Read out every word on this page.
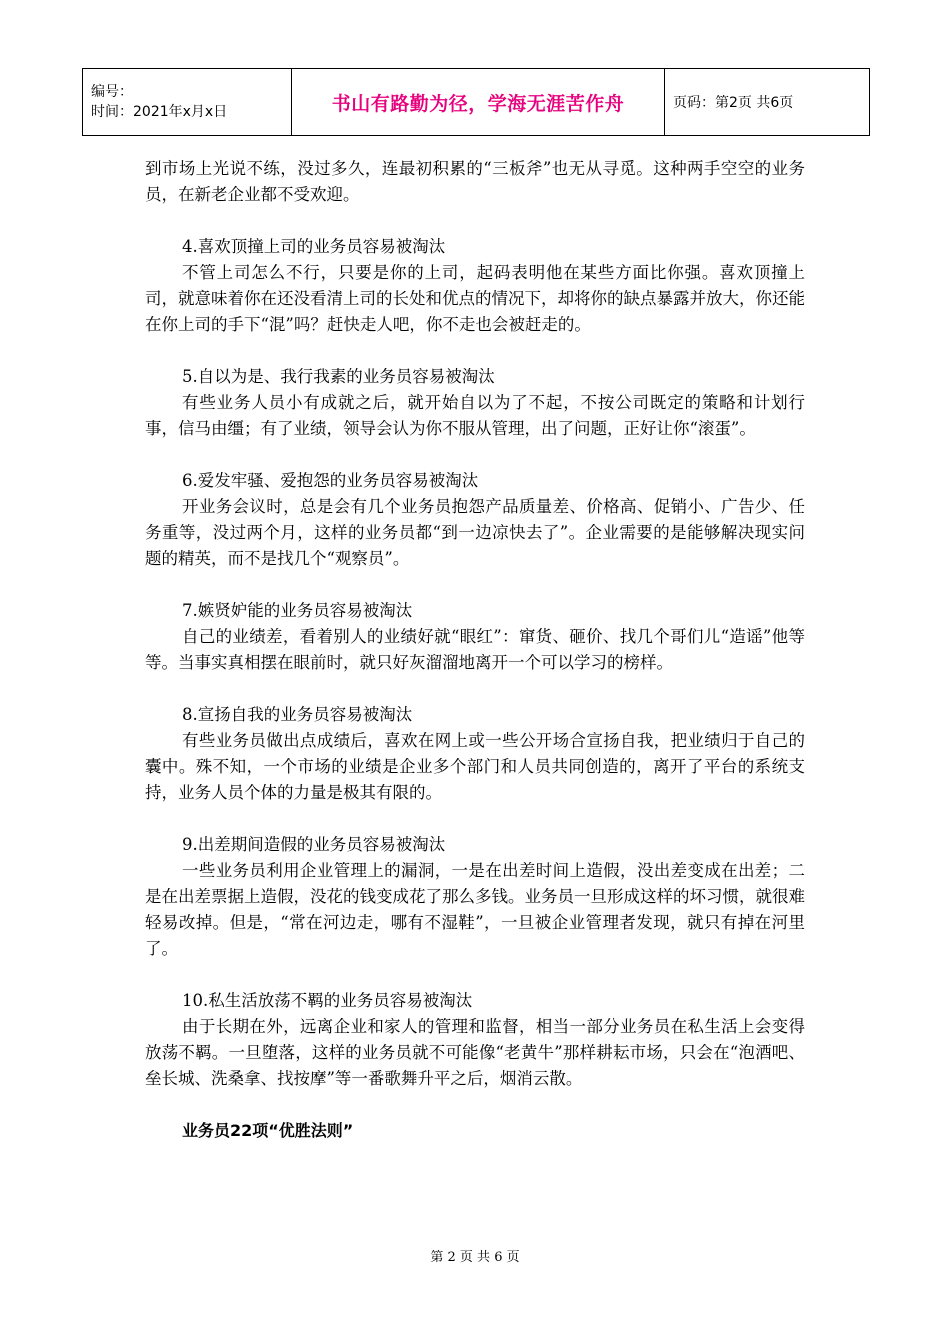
编号：
时间：2021年x月x日	书山有路勤为径，学海无涯苦作舟	页码：第2页 共6页

到市场上光说不练，没过多久，连最初积累的“三板斧”也无从寻觅。这种两手空空的业务员，在新老企业都不受欢迎。

4.喜欢顶撞上司的业务员容易被淘汰

不管上司怎么不行，只要是你的上司，起码表明他在某些方面比你强。喜欢顶撞上司，就意味着你在还没看清上司的长处和优点的情况下，却将你的缺点暴露并放大，你还能在你上司的手下“混”吗？赶快走人吧，你不走也会被赶走的。

5.自以为是、我行我素的业务员容易被淘汰

有些业务人员小有成就之后，就开始自以为了不起，不按公司既定的策略和计划行事，信马由缰；有了业绩，领导会认为你不服从管理，出了问题，正好让你“滚蛋”。

6.爱发牢骚、爱抱怨的业务员容易被淘汰

开业务会议时，总是会有几个业务员抱怨产品质量差、价格高、促销小、广告少、任务重等，没过两个月，这样的业务员都“到一边凉快去了”。企业需要的是能够解决现实问题的精英，而不是找几个“观察员”。

7.嫉贤妒能的业务员容易被淘汰

自己的业绩差，看着别人的业绩好就“眼红”：窜货、砸价、找几个哥们儿“造谣”他等等。当事实真相摆在眼前时，就只好灰溜溜地离开一个可以学习的榜样。

8.宣扬自我的业务员容易被淘汰

有些业务员做出点成绩后，喜欢在网上或一些公开场合宣扬自我，把业绩归于自己的囊中。殊不知，一个市场的业绩是企业多个部门和人员共同创造的，离开了平台的系统支持，业务人员个体的力量是极其有限的。

9.出差期间造假的业务员容易被淘汰

一些业务员利用企业管理上的漏洞，一是在出差时间上造假，没出差变成在出差；二是在出差票据上造假，没花的钱变成花了那么多钱。业务员一旦形成这样的坏习惯，就很难轻易改掉。但是，“常在河边走，哪有不湿鞋”，一旦被企业管理者发现，就只有掉在河里了。

10.私生活放荡不羁的业务员容易被淘汰

由于长期在外，远离企业和家人的管理和监督，相当一部分业务员在私生活上会变得放荡不羁。一旦堕落，这样的业务员就不可能像“老黄牛”那样耕耘市场，只会在“泡酒吧、垒长城、洗桑拿、找按摩”等一番歌舞升平之后，烟消云散。

业务员22项“优胜法则”

第 2 页 共 6 页
